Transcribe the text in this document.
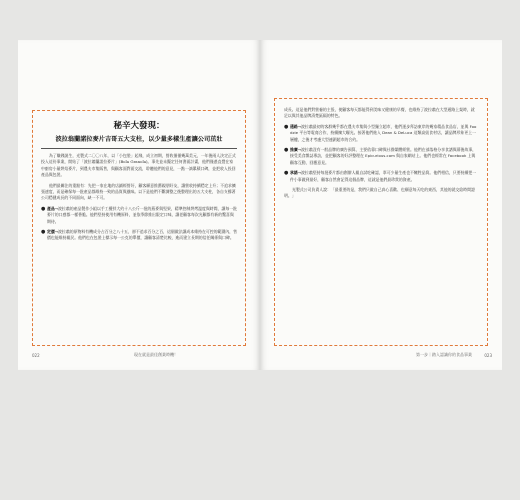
秘辛大發現：
波拉翁蘭諾拉麥片吉哥五大支柱，以少量多樣生產讓公司茁壯

為了賺錢誕生，光製式二〇〇八年，以「小包裝」起飛，成立初期，營收僅僅幾萬美元，一年後兩人決定正式投入這份事業，開始了「波拉翁蘭諾拉麥片」(Bola Granola)。事先並未擬定任何書面計畫，他們僅憑直覺在家中廚房小量烘焙麥片，到農夫市集販售，與顧客面對面交流，聆聽他們的意見，一點一滴累積口碑，並把收入投回產品與包裝。

他們最關注的重點有：先把一家在地的店鋪經營好，顧客願意推薦親朋好友，讓營收持續穩定上升；不追求擴張速度，而是確保每一批產品都維持一致的品質與風味。以下是他們不斷調整之後整理出的五大支柱，各自支撐著公司穩健成長的不同面向，缺一不可。

● 產品→波拉翁的產品製作小組以手工攪拌大約十八公斤一批的燕麥與堅果，精準控制烘烤溫度與時間，讓每一批麥片的口感都一樣香脆。他們堅持使用有機原料，並依季節推出限定口味，讓老顧客每次光顧都有新的驚喜與期待。
● 定價→波拉翁的原物料有機成分占百分之八十五，卻不追求百分之百，這個做法讓成本維持在可控的範圍內，售價也能維持親民。他們也在包裝上標示每一公克的單價，讓顧客清楚比較，進而建立長期的信任關係與口碑。
022	現在就是最佳創業時機！

成長。這是他們對營養的主張，使顧客每天都能得到美味又健康的早餐，也維持了波拉翁在大型通路上架時，就足以與其他品牌清楚區隔的特色。

● 通路→波拉翁最初的客群幾乎都在農夫市集與小型獨立超市，他們逐步拜訪東岸的幾家精品食品店，並與 Foodzie 平台等電商合作，持續擴大曝光。接著他們進入 Dean & DeLuca 這類高級食材店，讓品牌形象更上一層樓，之後才考慮大型連鎖超市的合約。
● 推廣→波拉翁沒有一般品牌的廣告預算，主要依靠口碑與社群媒體經營。他們在部落格分享食譜與幕後故事，接受美食雜誌專訪，並把顧客的好評整理在 Epicurious.com 與自家網站上。他們也經常在 Facebook 上與顧客互動，回應意見。
● 承諾→波拉翁堅持每批麥片都由創辦人親自試吃確認，寧可少量生產也不犧牲品質。他們相信，只要持續把一件小事做到最好，顧客自然會記得這個品牌，這就是他們最珍貴的資產。

光製式公司負責人說：「最重要的是，我們只做自己真心喜歡、也願意每天吃的東西，其他的就交給時間證明。」

第一步｜踏入認識你的食品事業	023
